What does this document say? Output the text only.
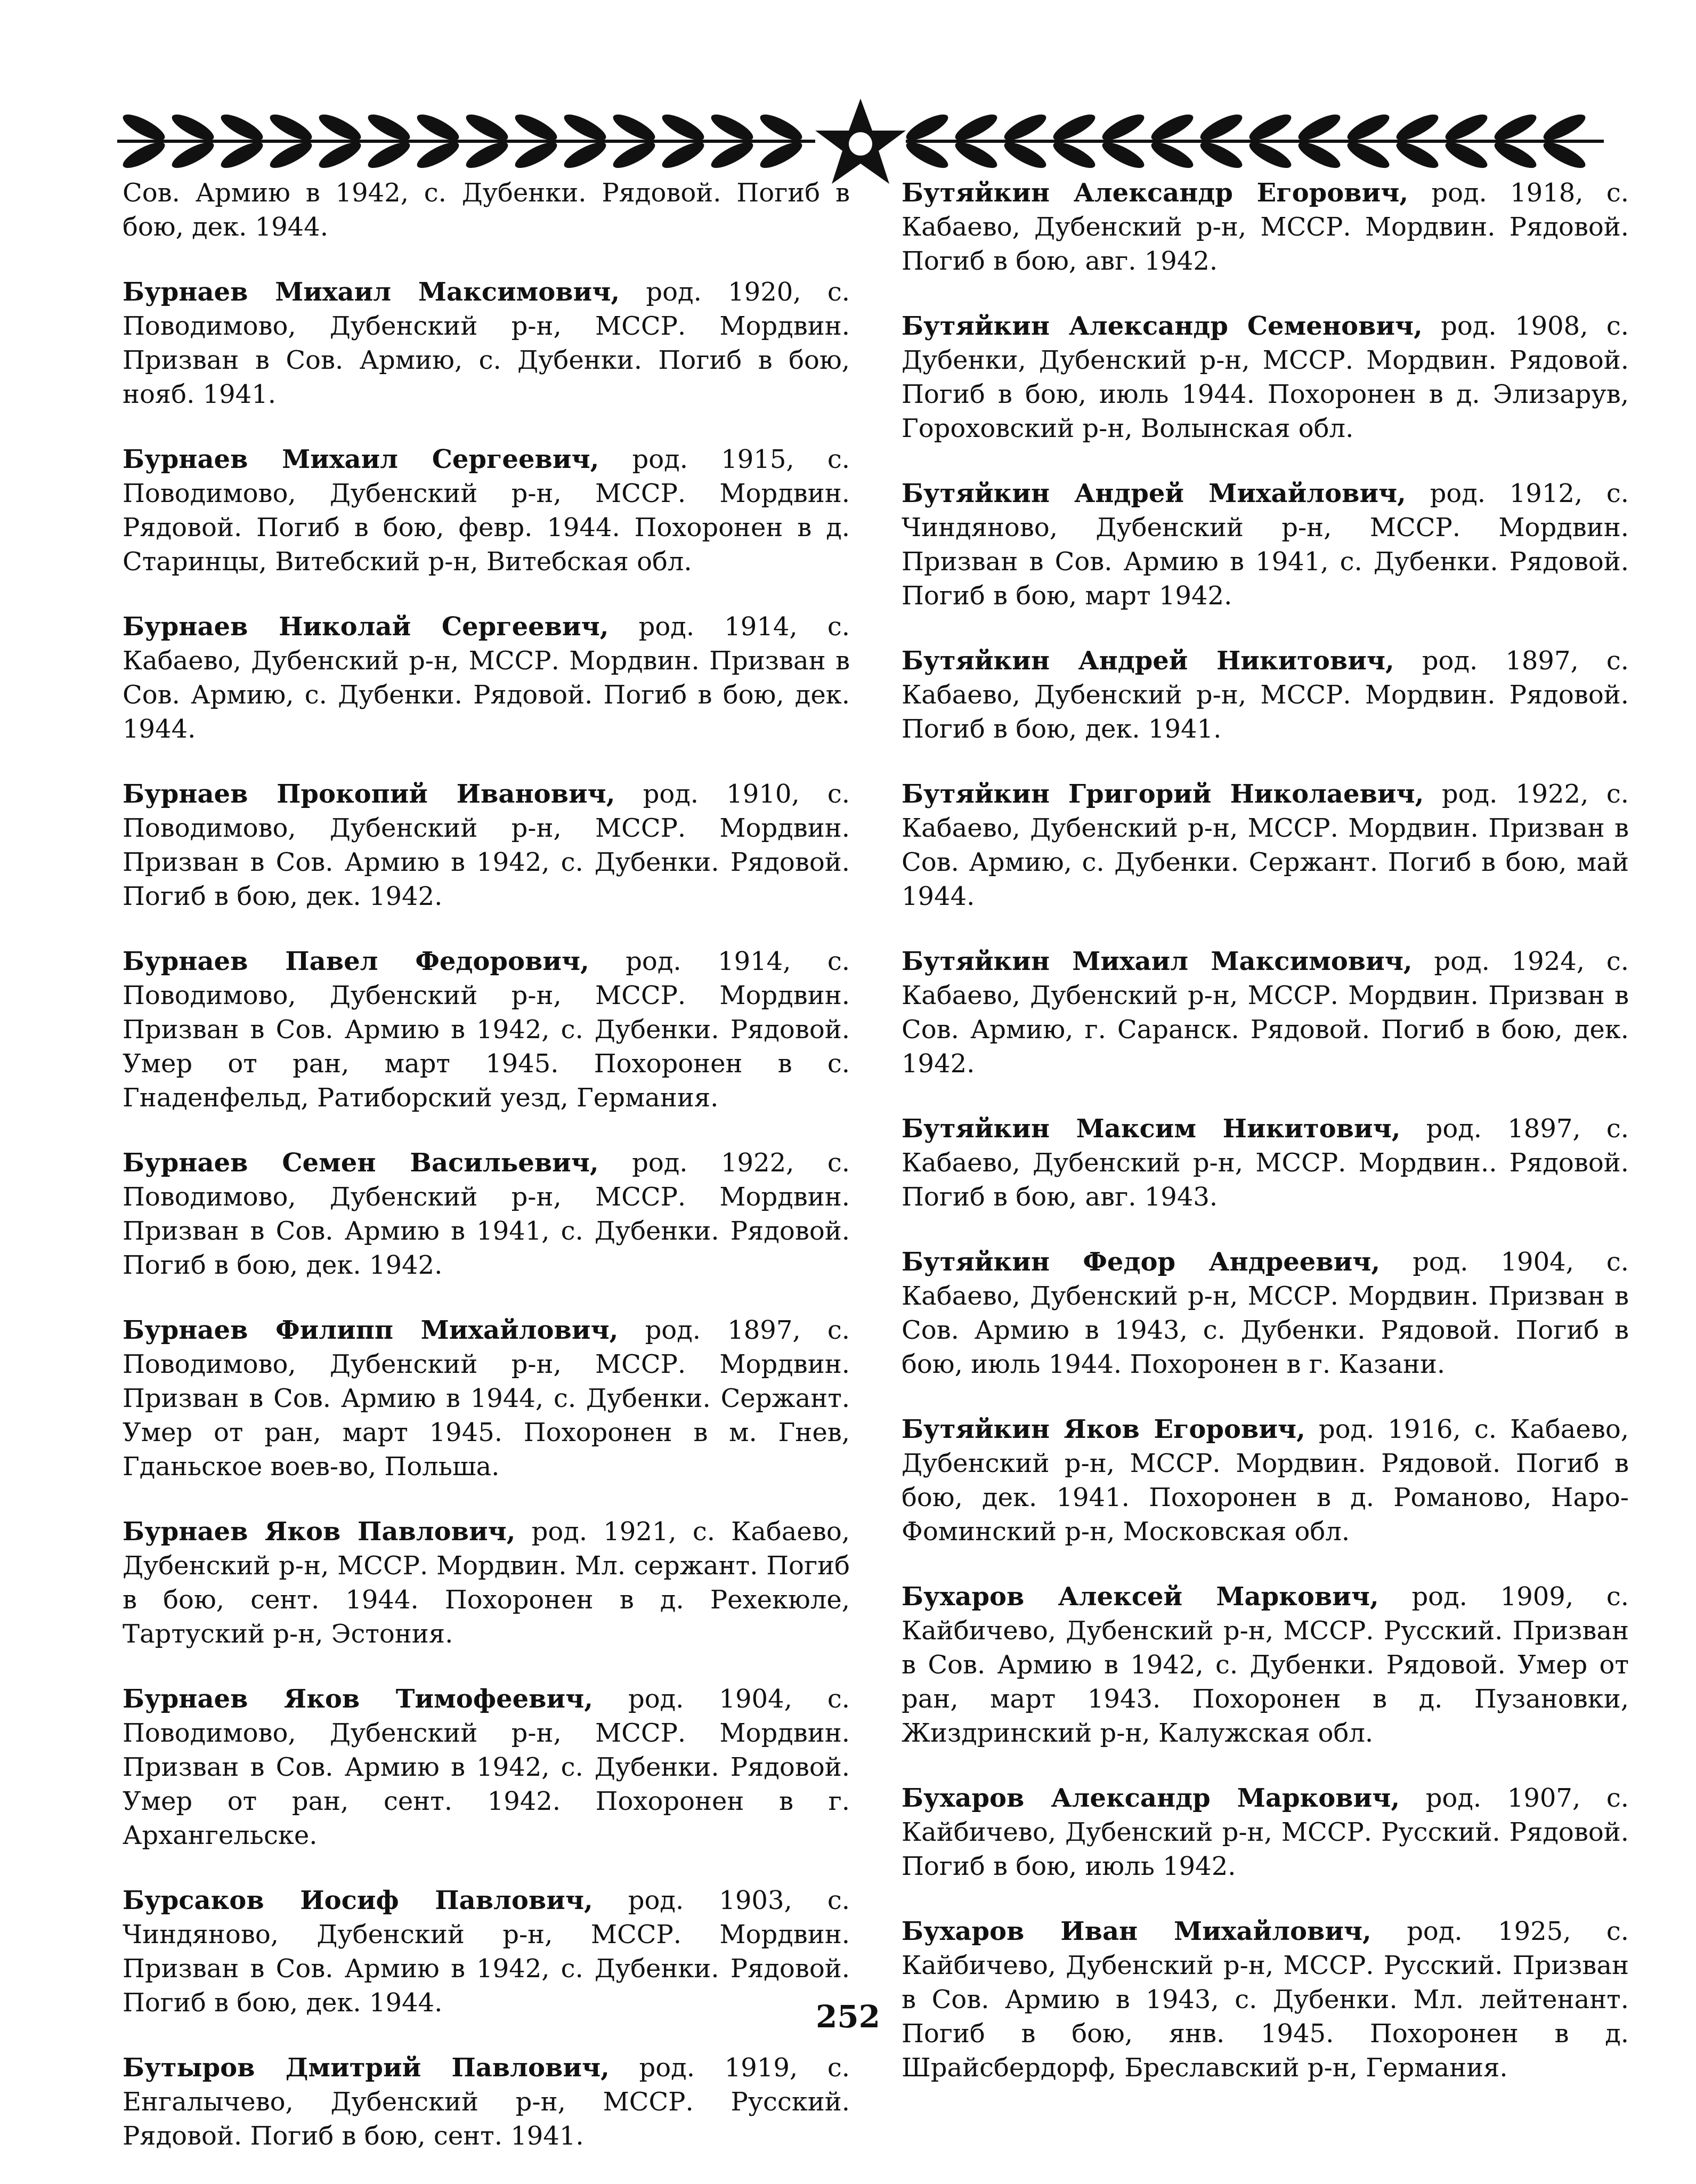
Сов. Армию в 1942, с. Дубенки. Рядовой. Погиб в бою, дек. 1944.

Бурнаев Михаил Максимович, род. 1920, с. Поводимово, Дубенский р-н, МССР. Мордвин. Призван в Сов. Армию, с. Дубенки. Погиб в бою, нояб. 1941.

Бурнаев Михаил Сергеевич, род. 1915, с. Поводимово, Дубенский р-н, МССР. Мордвин. Рядовой. Погиб в бою, февр. 1944. Похоронен в д. Старинцы, Витебский р-н, Витебская обл.

Бурнаев Николай Сергеевич, род. 1914, с. Кабаево, Дубенский р-н, МССР. Мордвин. Призван в Сов. Армию, с. Дубенки. Рядовой. Погиб в бою, дек. 1944.

Бурнаев Прокопий Иванович, род. 1910, с. Поводимово, Дубенский р-н, МССР. Мордвин. Призван в Сов. Армию в 1942, с. Дубенки. Рядовой. Погиб в бою, дек. 1942.

Бурнаев Павел Федорович, род. 1914, с. Поводимово, Дубенский р-н, МССР. Мордвин. Призван в Сов. Армию в 1942, с. Дубенки. Рядовой. Умер от ран, март 1945. Похоронен в с. Гнаденфельд, Ратиборский уезд, Германия.

Бурнаев Семен Васильевич, род. 1922, с. Поводимово, Дубенский р-н, МССР. Мордвин. Призван в Сов. Армию в 1941, с. Дубенки. Рядовой. Погиб в бою, дек. 1942.

Бурнаев Филипп Михайлович, род. 1897, с. Поводимово, Дубенский р-н, МССР. Мордвин. Призван в Сов. Армию в 1944, с. Дубенки. Сержант. Умер от ран, март 1945. Похоронен в м. Гнев, Гданьское воев-во, Польша.

Бурнаев Яков Павлович, род. 1921, с. Кабаево, Дубенский р-н, МССР. Мордвин. Мл. сержант. Погиб в бою, сент. 1944. Похоронен в д. Рехекюле, Тартуский р-н, Эстония.

Бурнаев Яков Тимофеевич, род. 1904, с. Поводимово, Дубенский р-н, МССР. Мордвин. Призван в Сов. Армию в 1942, с. Дубенки. Рядовой. Умер от ран, сент. 1942. Похоронен в г. Архангельске.

Бурсаков Иосиф Павлович, род. 1903, с. Чиндяново, Дубенский р-н, МССР. Мордвин. Призван в Сов. Армию в 1942, с. Дубенки. Рядовой. Погиб в бою, дек. 1944.

Бутыров Дмитрий Павлович, род. 1919, с. Енгалычево, Дубенский р-н, МССР. Русский. Рядовой. Погиб в бою, сент. 1941.

Бутяйкин Александр Егорович, род. 1918, с. Кабаево, Дубенский р-н, МССР. Мордвин. Рядовой. Погиб в бою, авг. 1942.

Бутяйкин Александр Семенович, род. 1908, с. Дубенки, Дубенский р-н, МССР. Мордвин. Рядовой. Погиб в бою, июль 1944. Похоронен в д. Элизарув, Гороховский р-н, Волынская обл.

Бутяйкин Андрей Михайлович, род. 1912, с. Чиндяново, Дубенский р-н, МССР. Мордвин. Призван в Сов. Армию в 1941, с. Дубенки. Рядовой. Погиб в бою, март 1942.

Бутяйкин Андрей Никитович, род. 1897, с. Кабаево, Дубенский р-н, МССР. Мордвин. Рядовой. Погиб в бою, дек. 1941.

Бутяйкин Григорий Николаевич, род. 1922, с. Кабаево, Дубенский р-н, МССР. Мордвин. Призван в Сов. Армию, с. Дубенки. Сержант. Погиб в бою, май 1944.

Бутяйкин Михаил Максимович, род. 1924, с. Кабаево, Дубенский р-н, МССР. Мордвин. Призван в Сов. Армию, г. Саранск. Рядовой. Погиб в бою, дек. 1942.

Бутяйкин Максим Никитович, род. 1897, с. Кабаево, Дубенский р-н, МССР. Мордвин.. Рядовой. Погиб в бою, авг. 1943.

Бутяйкин Федор Андреевич, род. 1904, с. Кабаево, Дубенский р-н, МССР. Мордвин. Призван в Сов. Армию в 1943, с. Дубенки. Рядовой. Погиб в бою, июль 1944. Похоронен в г. Казани.

Бутяйкин Яков Егорович, род. 1916, с. Кабаево, Дубенский р-н, МССР. Мордвин. Рядовой. Погиб в бою, дек. 1941. Похоронен в д. Романово, Наро-Фоминский р-н, Московская обл.

Бухаров Алексей Маркович, род. 1909, с. Кайбичево, Дубенский р-н, МССР. Русский. Призван в Сов. Армию в 1942, с. Дубенки. Рядовой. Умер от ран, март 1943. Похоронен в д. Пузановки, Жиздринский р-н, Калужская обл.

Бухаров Александр Маркович, род. 1907, с. Кайбичево, Дубенский р-н, МССР. Русский. Рядовой. Погиб в бою, июль 1942.

Бухаров Иван Михайлович, род. 1925, с. Кайбичево, Дубенский р-н, МССР. Русский. Призван в Сов. Армию в 1943, с. Дубенки. Мл. лейтенант. Погиб в бою, янв. 1945. Похоронен в д. Шрайсбердорф, Бреславский р-н, Германия.

252
